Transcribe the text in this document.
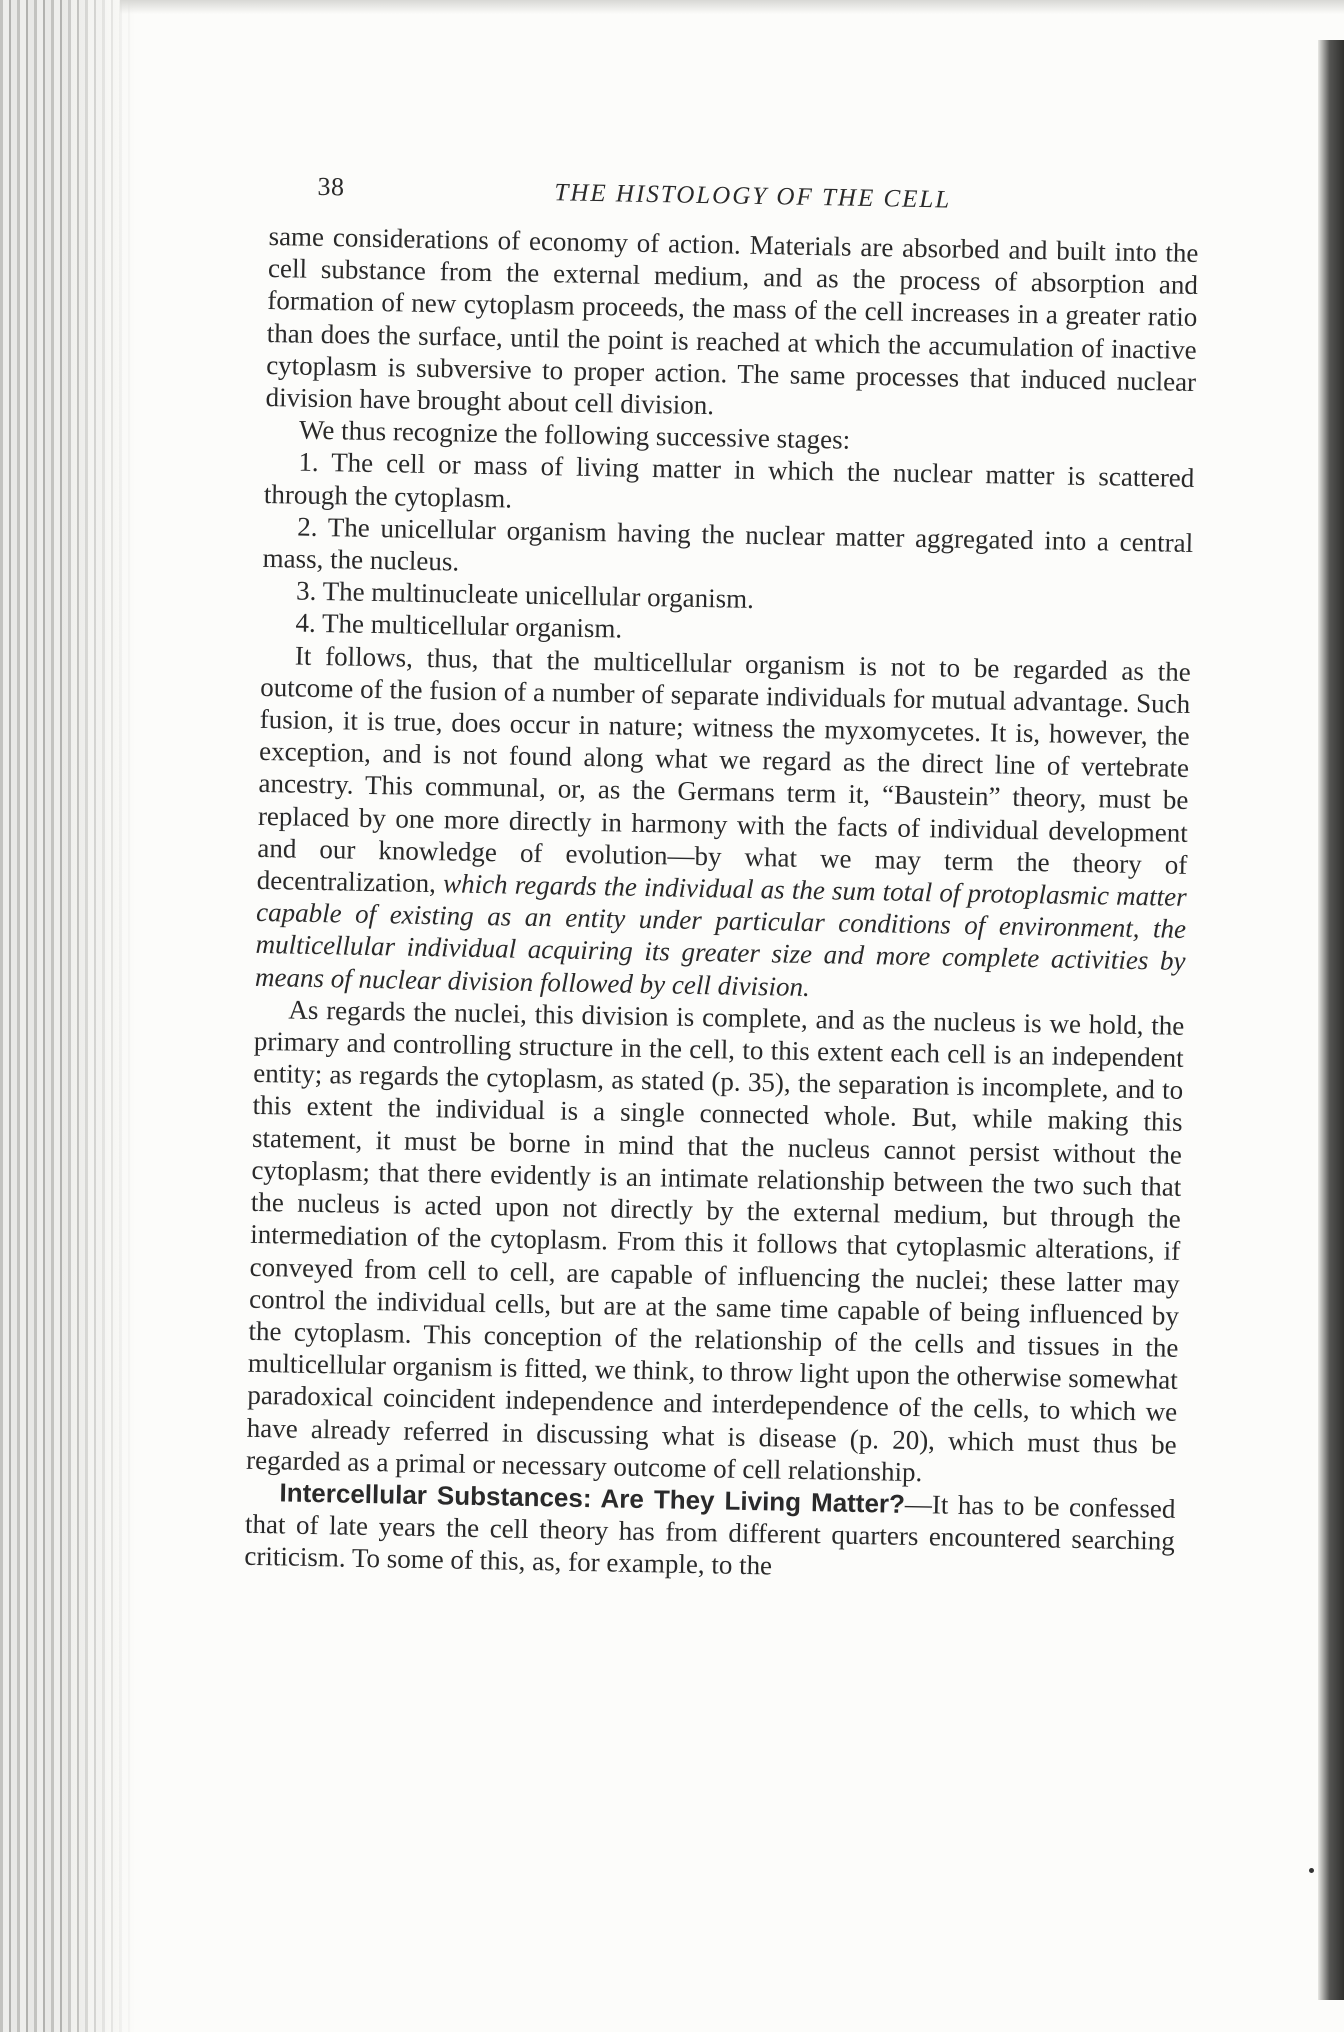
38	THE HISTOLOGY OF THE CELL

same considerations of economy of action. Materials are absorbed and built into the cell substance from the external medium, and as the process of absorption and formation of new cytoplasm proceeds, the mass of the cell increases in a greater ratio than does the surface, until the point is reached at which the accumulation of inactive cytoplasm is subversive to proper action. The same processes that induced nuclear division have brought about cell division.

We thus recognize the following successive stages:

1. The cell or mass of living matter in which the nuclear matter is scattered through the cytoplasm.

2. The unicellular organism having the nuclear matter aggregated into a central mass, the nucleus.

3. The multinucleate unicellular organism.

4. The multicellular organism.

It follows, thus, that the multicellular organism is not to be regarded as the outcome of the fusion of a number of separate individuals for mutual advantage. Such fusion, it is true, does occur in nature; witness the myxomycetes. It is, however, the exception, and is not found along what we regard as the direct line of vertebrate ancestry. This communal, or, as the Germans term it, “Baustein” theory, must be replaced by one more directly in harmony with the facts of individual development and our knowledge of evolution—by what we may term the theory of decentralization, which regards the individual as the sum total of protoplasmic matter capable of existing as an entity under particular conditions of environment, the multicellular individual acquiring its greater size and more complete activities by means of nuclear division followed by cell division.

As regards the nuclei, this division is complete, and as the nucleus is we hold, the primary and controlling structure in the cell, to this extent each cell is an independent entity; as regards the cytoplasm, as stated (p. 35), the separation is incomplete, and to this extent the individual is a single connected whole. But, while making this statement, it must be borne in mind that the nucleus cannot persist without the cytoplasm; that there evidently is an intimate relationship between the two such that the nucleus is acted upon not directly by the external medium, but through the intermediation of the cytoplasm. From this it follows that cytoplasmic alterations, if conveyed from cell to cell, are capable of influencing the nuclei; these latter may control the individual cells, but are at the same time capable of being influenced by the cytoplasm. This conception of the relationship of the cells and tissues in the multicellular organism is fitted, we think, to throw light upon the otherwise somewhat paradoxical coincident independence and interdependence of the cells, to which we have already referred in discussing what is disease (p. 20), which must thus be regarded as a primal or necessary outcome of cell relationship.

Intercellular Substances: Are They Living Matter?—It has to be confessed that of late years the cell theory has from different quarters encountered searching criticism. To some of this, as, for example, to the
